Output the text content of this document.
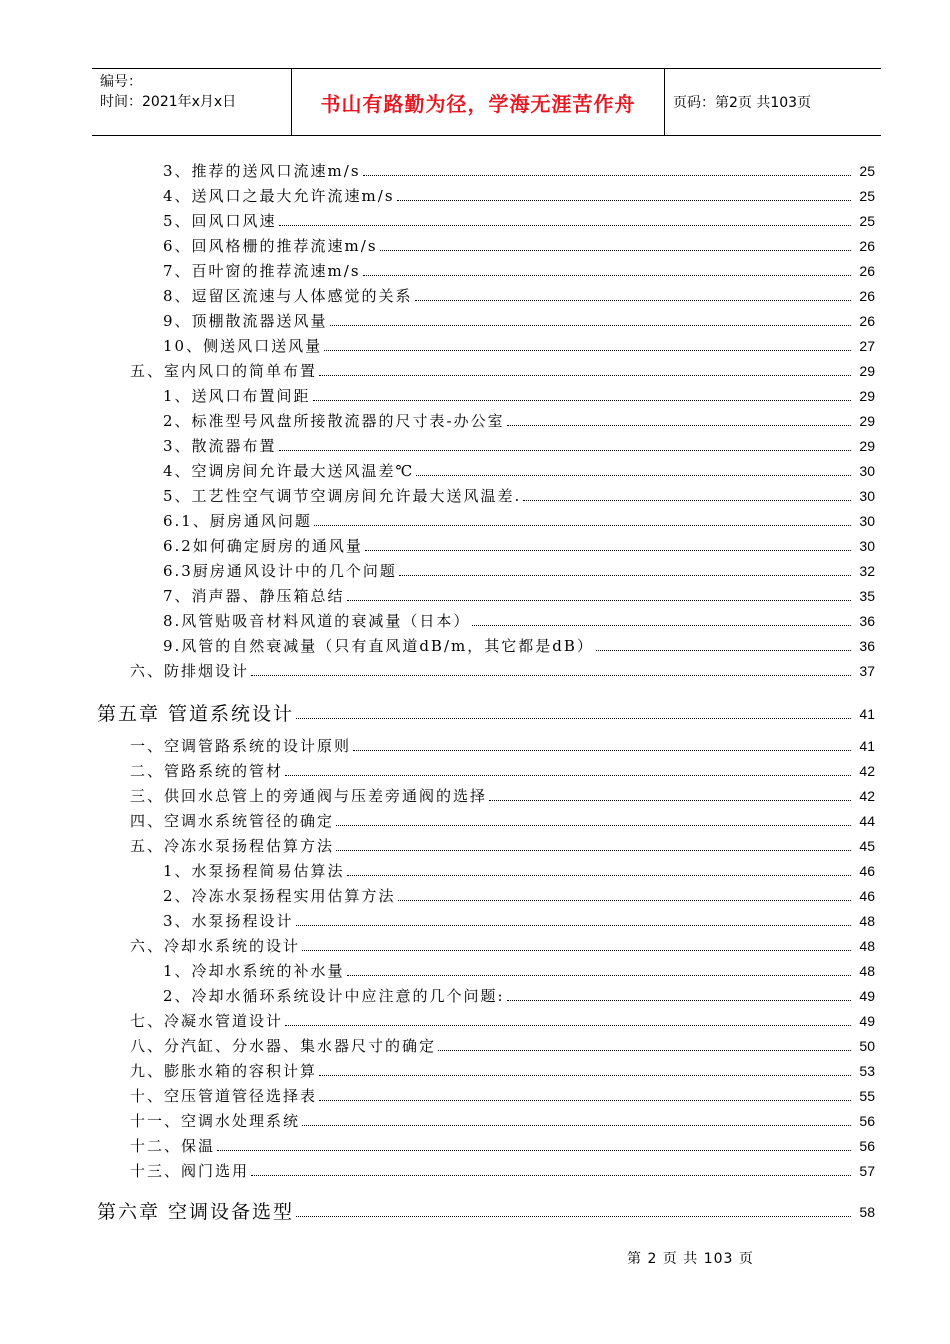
编号：
时间：2021年x月x日	书山有路勤为径，学海无涯苦作舟	页码：第2页 共103页
3、推荐的送风口流速m/s	25
4、送风口之最大允许流速m/s	25
5、回风口风速	25
6、回风格栅的推荐流速m/s	26
7、百叶窗的推荐流速m/s	26
8、逗留区流速与人体感觉的关系	26
9、顶棚散流器送风量	26
10、侧送风口送风量	27
五、室内风口的简单布置	29
1、送风口布置间距	29
2、标准型号风盘所接散流器的尺寸表-办公室	29
3、散流器布置	29
4、空调房间允许最大送风温差℃	30
5、工艺性空气调节空调房间允许最大送风温差.	30
6.1、厨房通风问题	30
6.2如何确定厨房的通风量	30
6.3厨房通风设计中的几个问题	32
7、消声器、静压箱总结	35
8.风管贴吸音材料风道的衰减量（日本）	36
9.风管的自然衰减量（只有直风道dB/m，其它都是dB）	36
六、防排烟设计	37
第五章 管道系统设计	41
一、空调管路系统的设计原则	41
二、管路系统的管材	42
三、供回水总管上的旁通阀与压差旁通阀的选择	42
四、空调水系统管径的确定	44
五、冷冻水泵扬程估算方法	45
1、水泵扬程简易估算法	46
2、冷冻水泵扬程实用估算方法	46
3、水泵扬程设计	48
六、冷却水系统的设计	48
1、冷却水系统的补水量	48
2、冷却水循环系统设计中应注意的几个问题:	49
七、冷凝水管道设计	49
八、分汽缸、分水器、集水器尺寸的确定	50
九、膨胀水箱的容积计算	53
十、空压管道管径选择表	55
十一、空调水处理系统	56
十二、保温	56
十三、阀门选用	57
第六章 空调设备选型	58
第 2 页 共 103 页
